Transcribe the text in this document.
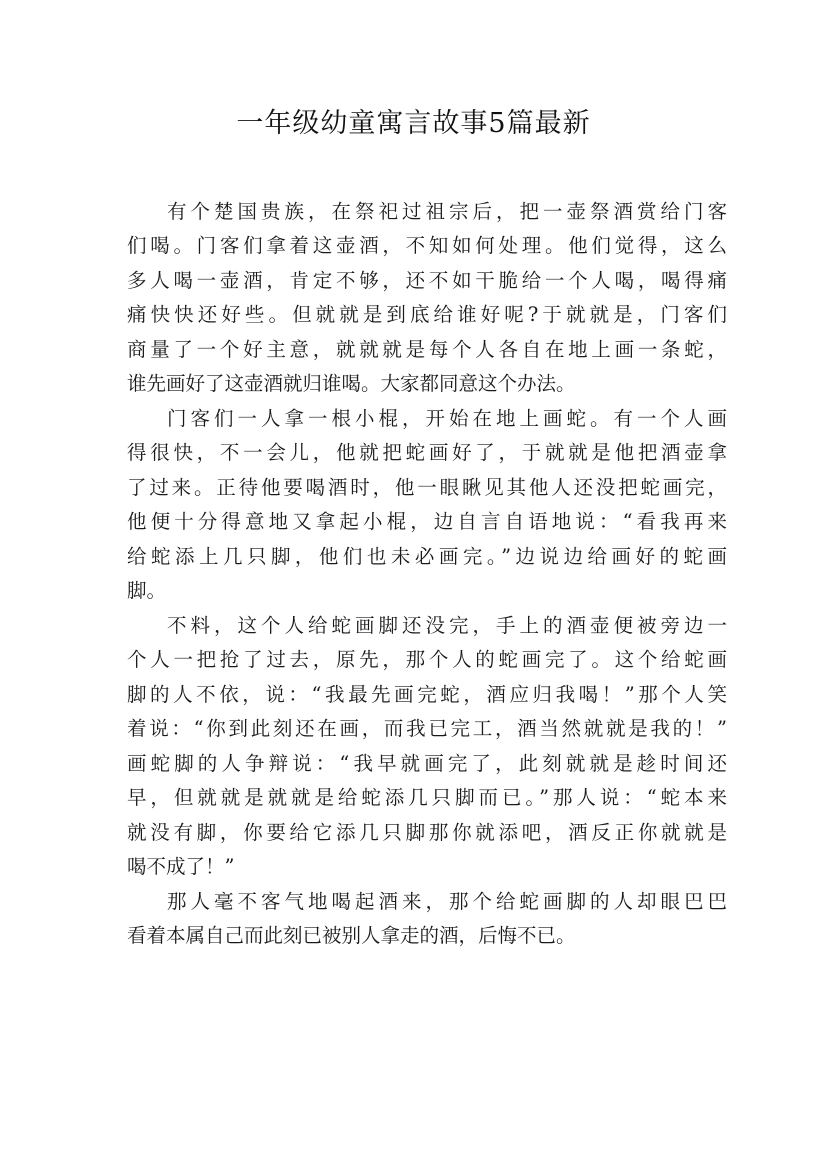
一年级幼童寓言故事5篇最新
有个楚国贵族，在祭祀过祖宗后，把一壶祭酒赏给门客
们喝。门客们拿着这壶酒，不知如何处理。他们觉得，这么
多人喝一壶酒，肯定不够，还不如干脆给一个人喝，喝得痛
痛快快还好些。但就就是到底给谁好呢?于就就是，门客们
商量了一个好主意，就就就是每个人各自在地上画一条蛇，
谁先画好了这壶酒就归谁喝。大家都同意这个办法。
门客们一人拿一根小棍，开始在地上画蛇。有一个人画
得很快，不一会儿，他就把蛇画好了，于就就是他把酒壶拿
了过来。正待他要喝酒时，他一眼瞅见其他人还没把蛇画完，
他便十分得意地又拿起小棍，边自言自语地说：“看我再来
给蛇添上几只脚，他们也未必画完。”边说边给画好的蛇画
脚。
不料，这个人给蛇画脚还没完，手上的酒壶便被旁边一
个人一把抢了过去，原先，那个人的蛇画完了。这个给蛇画
脚的人不依，说：“我最先画完蛇，酒应归我喝！”那个人笑
着说：“你到此刻还在画，而我已完工，酒当然就就是我的！”
画蛇脚的人争辩说：“我早就画完了，此刻就就是趁时间还
早，但就就是就就是给蛇添几只脚而已。”那人说：“蛇本来
就没有脚，你要给它添几只脚那你就添吧，酒反正你就就是
喝不成了！”
那人毫不客气地喝起酒来，那个给蛇画脚的人却眼巴巴
看着本属自己而此刻已被别人拿走的酒，后悔不已。
